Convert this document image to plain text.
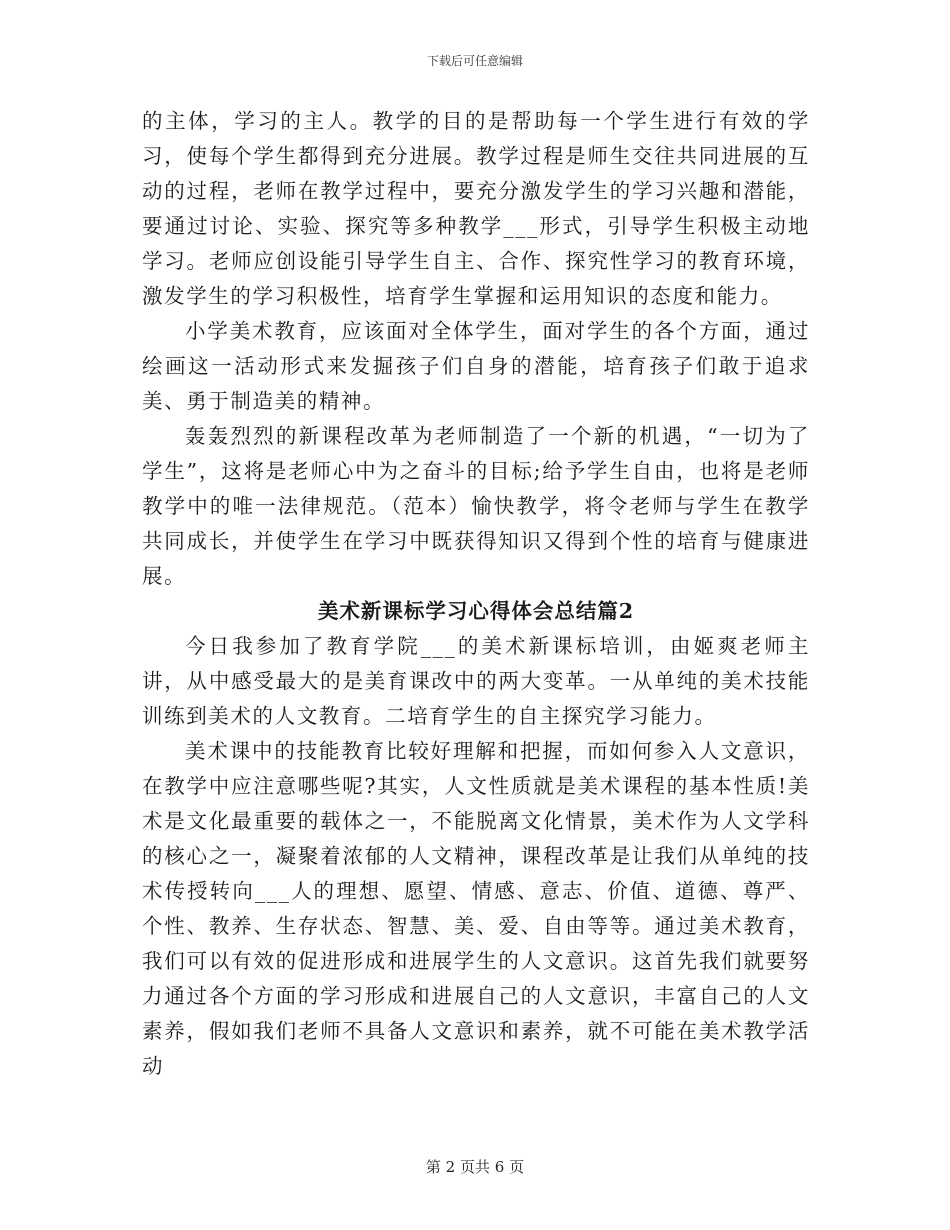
下载后可任意编辑

的主体，学习的主人。教学的目的是帮助每一个学生进行有效的学习，使每个学生都得到充分进展。教学过程是师生交往共同进展的互动的过程，老师在教学过程中，要充分激发学生的学习兴趣和潜能，要通过讨论、实验、探究等多种教学___形式，引导学生积极主动地学习。老师应创设能引导学生自主、合作、探究性学习的教育环境，激发学生的学习积极性，培育学生掌握和运用知识的态度和能力。

小学美术教育，应该面对全体学生，面对学生的各个方面，通过绘画这一活动形式来发掘孩子们自身的潜能，培育孩子们敢于追求美、勇于制造美的精神。

轰轰烈烈的新课程改革为老师制造了一个新的机遇，“一切为了学生”，这将是老师心中为之奋斗的目标;给予学生自由，也将是老师教学中的唯一法律规范。（范本）愉快教学，将令老师与学生在教学共同成长，并使学生在学习中既获得知识又得到个性的培育与健康进展。

美术新课标学习心得体会总结篇2

今日我参加了教育学院___的美术新课标培训，由姬爽老师主讲，从中感受最大的是美育课改中的两大变革。一从单纯的美术技能训练到美术的人文教育。二培育学生的自主探究学习能力。

美术课中的技能教育比较好理解和把握，而如何参入人文意识，在教学中应注意哪些呢?其实，人文性质就是美术课程的基本性质!美术是文化最重要的载体之一，不能脱离文化情景，美术作为人文学科的核心之一，凝聚着浓郁的人文精神，课程改革是让我们从单纯的技术传授转向___人的理想、愿望、情感、意志、价值、道德、尊严、个性、教养、生存状态、智慧、美、爱、自由等等。通过美术教育，我们可以有效的促进形成和进展学生的人文意识。这首先我们就要努力通过各个方面的学习形成和进展自己的人文意识，丰富自己的人文素养，假如我们老师不具备人文意识和素养，就不可能在美术教学活动

第 2 页共 6 页
